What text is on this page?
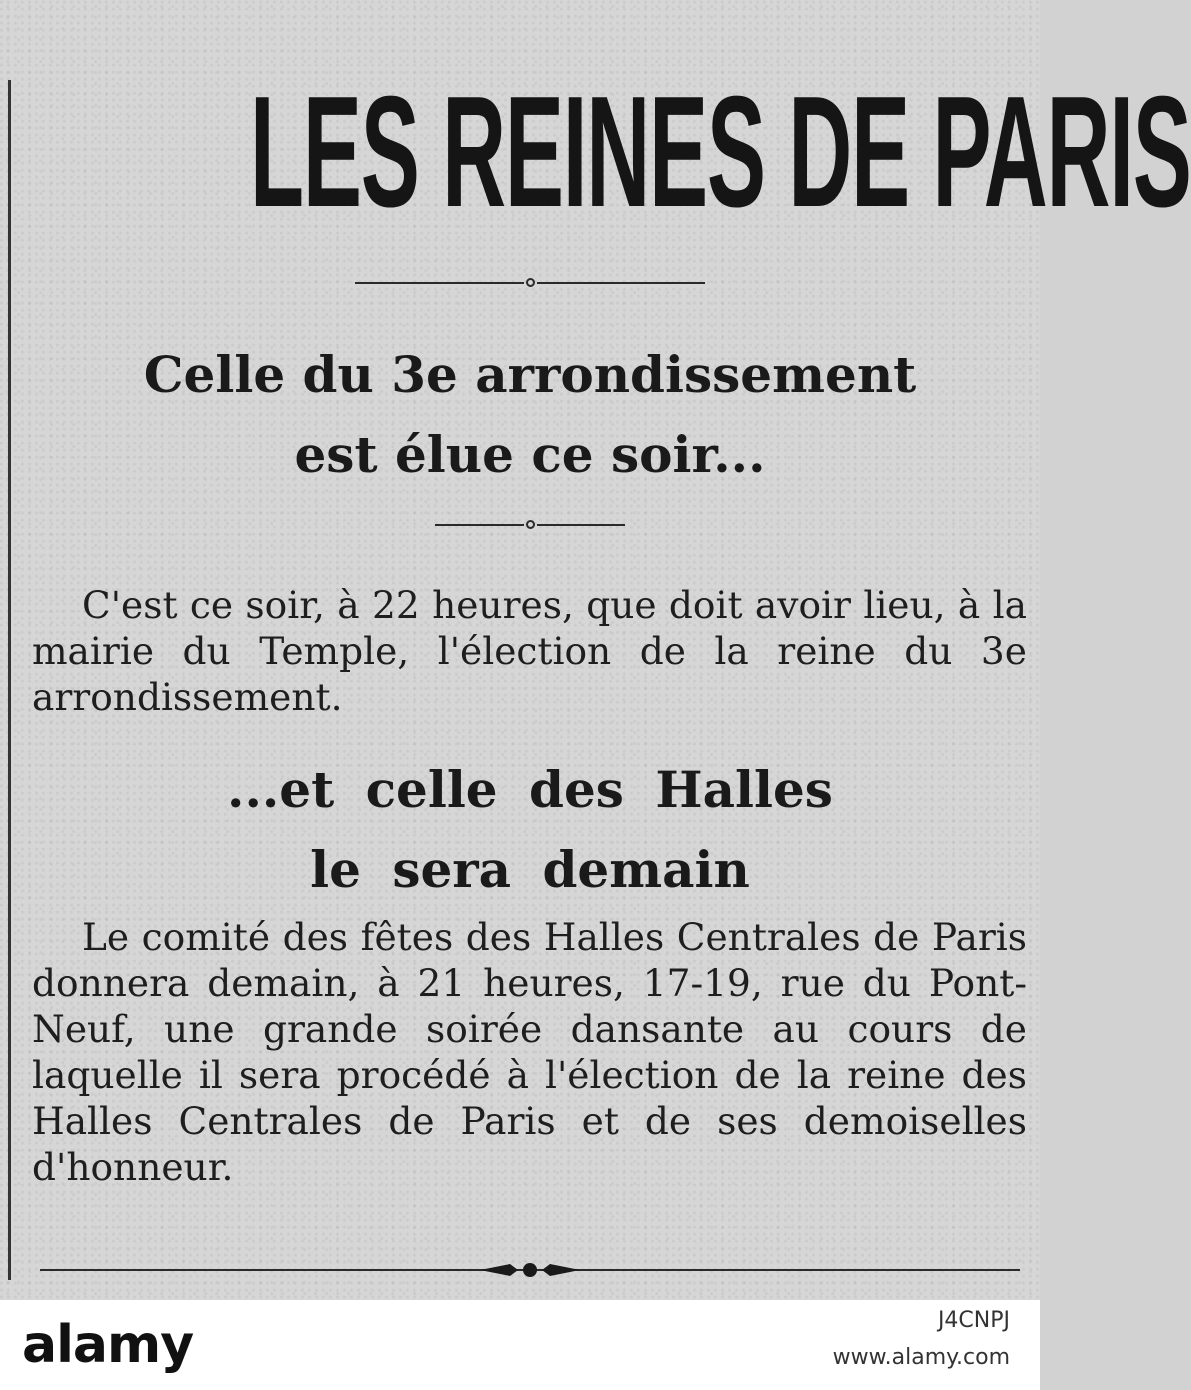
LES REINES DE PARIS
Celle du 3e arrondissement
est élue ce soir...

C'est ce soir, à 22 heures, que doit avoir lieu, à la mairie du Temple, l'élection de la reine du 3e arrondissement.

...et celle des Halles
le sera demain

Le comité des fêtes des Halles Centrales de Paris donnera demain, à 21 heures, 17-19, rue du Pont-Neuf, une grande soirée dansante au cours de laquelle il sera procédé à l'élection de la reine des Halles Centrales de Paris et de ses demoiselles d'honneur.

alamy	J4CNPJ
www.alamy.com
